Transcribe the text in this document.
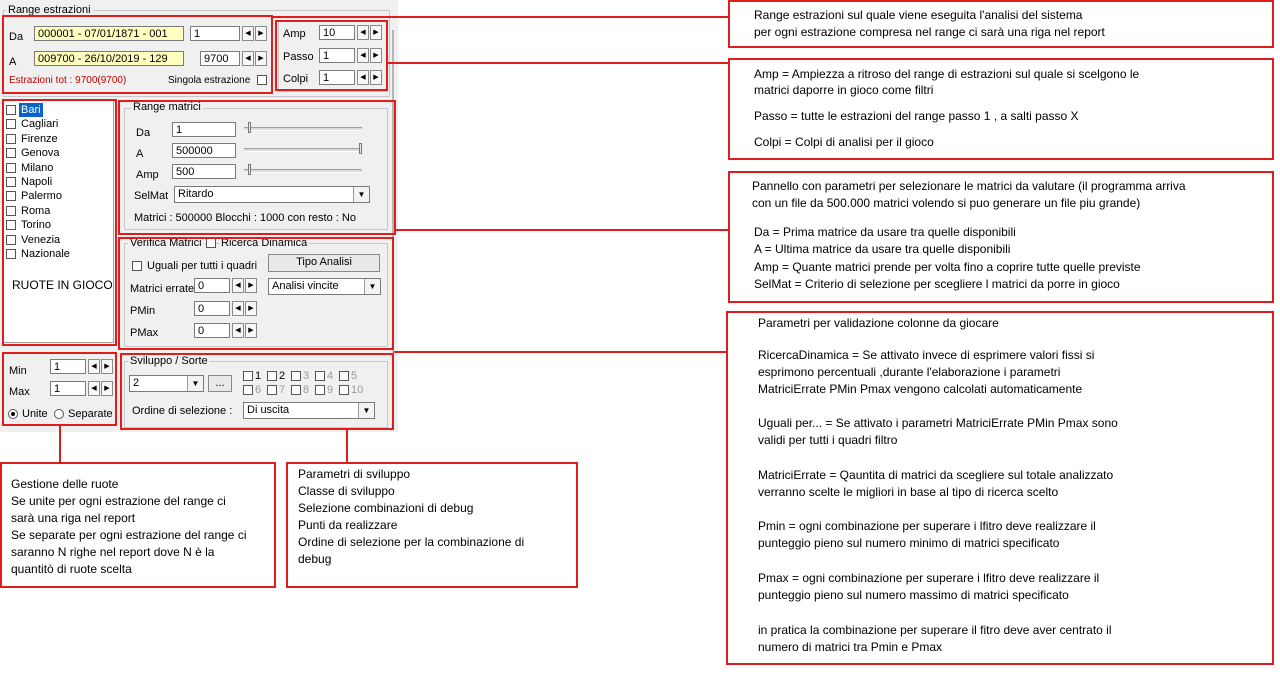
Range estrazioni
Da	000001 - 07/01/1871 - 001	1	◀	▶
A	009700 - 26/10/2019 - 129	9700	◀	▶
Estrazioni tot : 9700(9700)	Singola estrazione
Amp	10	◀	▶
Passo 1	◀	▶
Colpi	1	◀	▶
Bari
Cagliari
Firenze
Genova
Milano
Napoli
Palermo
Roma
Torino
Venezia
Nazionale
RUOTE IN GIOCO
Range matrici
Da	1
A	500000
Amp	500
SelMat Ritardo	▼
Matrici : 500000 Blocchi : 1000 con resto : No
Verifica Matrici Ricerca Dinamica
Uguali per tutti i quadri	Tipo Analisi
Matrici errate 0	◀	▶	Analisi vincite	▼
PMin	0	◀	▶
PMax	0	◀	▶
Min	1	◀	▶
Max	1	◀	▶
Unite Separate
Sviluppo / Sorte
2	▼	...
Ordine di selezione :	Di uscita	▼
1 2 3 4 5
6 7 8 9 10

Range estrazioni sul quale viene eseguita l'analisi del sistema

per ogni estrazione compresa nel range ci sarà una riga nel report

Amp = Ampiezza a ritroso del range di estrazioni sul quale si scelgono le

matrici daporre in gioco come filtri

Passo = tutte le estrazioni del range passo 1 , a salti passo X

Colpi = Colpi di analisi per il gioco

Pannello con parametri per selezionare le matrici da valutare (il programma arriva

con un file da 500.000 matrici volendo si puo generare un file piu grande)

Da = Prima matrice da usare tra quelle disponibili

A = Ultima matrice da usare tra quelle disponibili

Amp = Quante matrici prende per volta fino a coprire tutte quelle previste

SelMat = Criterio di selezione per scegliere l matrici da porre in gioco

Parametri per validazione colonne da giocare

RicercaDinamica = Se attivato invece di esprimere valori fissi si

esprimono percentuali ,durante l'elaborazione i parametri

MatriciErrate PMin Pmax vengono calcolati automaticamente

Uguali per... = Se attivato i parametri MatriciErrate PMin Pmax sono

validi per tutti i quadri filtro

MatriciErrate = Qauntita di matrici da scegliere sul totale analizzato

verranno scelte le migliori in base al tipo di ricerca scelto

Pmin = ogni combinazione per superare i lfitro deve realizzare il

punteggio pieno sul numero minimo di matrici specificato

Pmax = ogni combinazione per superare i lfitro deve realizzare il

punteggio pieno sul numero massimo di matrici specificato

in pratica la combinazione per superare il fitro deve aver centrato il

numero di matrici tra Pmin e Pmax

Gestione delle ruote

Se unite per ogni estrazione del range ci

sarà una riga nel report

Se separate per ogni estrazione del range ci

saranno N righe nel report dove N è la

quantitò di ruote scelta

Parametri di sviluppo

Classe di sviluppo

Selezione combinazioni di debug

Punti da realizzare

Ordine di selezione per la combinazione di

debug
